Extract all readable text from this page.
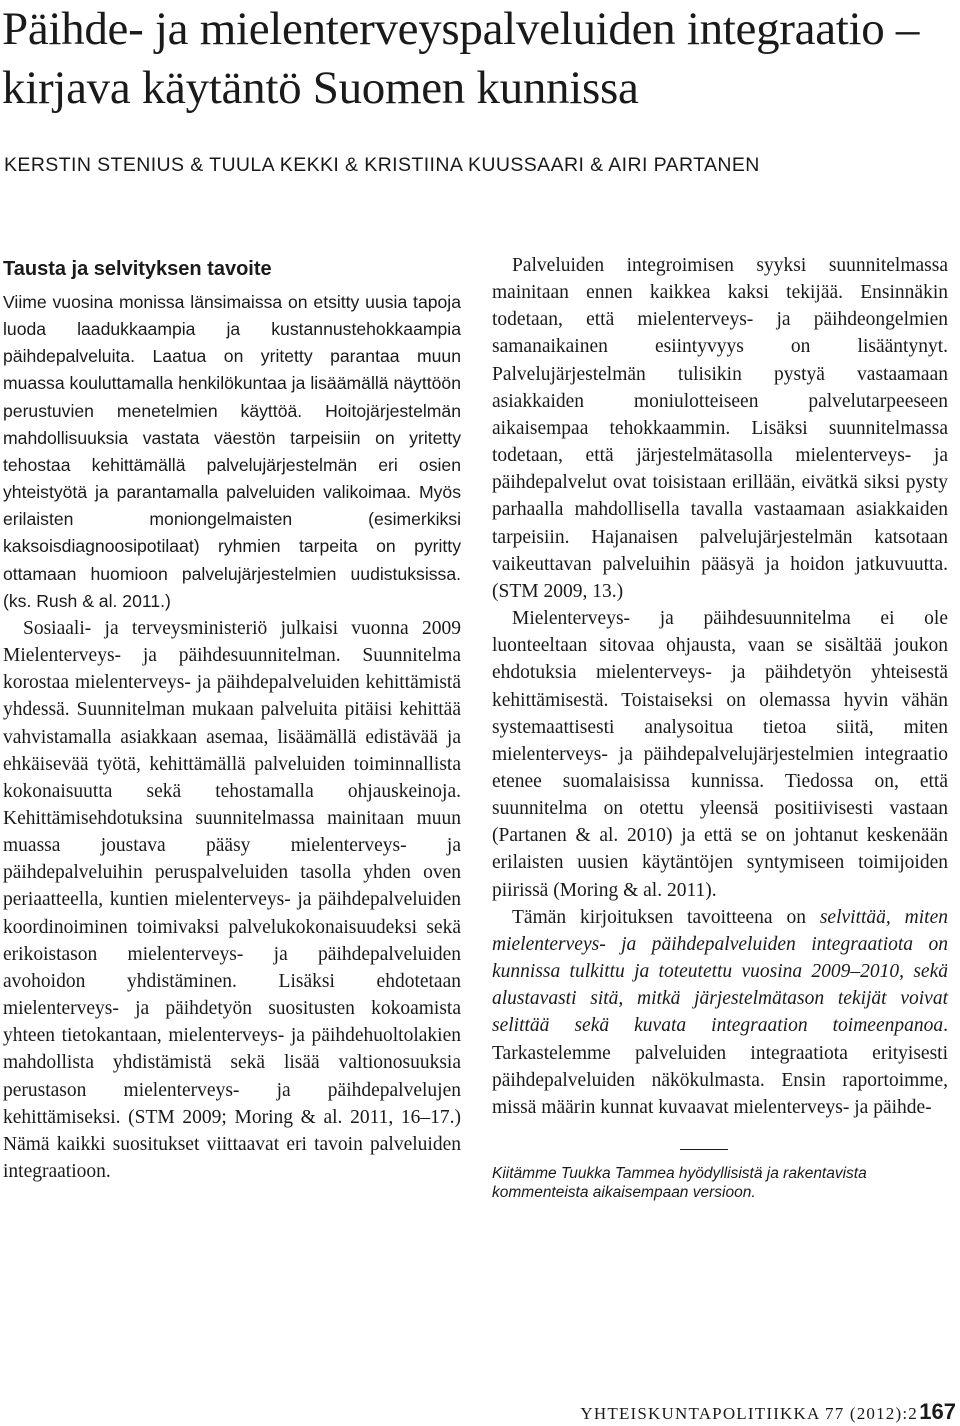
Päihde- ja mielenterveyspalveluiden integraatio – kirjava käytäntö Suomen kunnissa

KERSTIN STENIUS & TUULA KEKKI & KRISTIINA KUUSSAARI & AIRI PARTANEN

Tausta ja selvityksen tavoite

Viime vuosina monissa länsimaissa on etsitty uusia tapoja luoda laadukkaampia ja kustannustehokkaampia päihdepalveluita. Laatua on yritetty parantaa muun muassa kouluttamalla henkilökuntaa ja lisäämällä näyttöön perustuvien menetelmien käyttöä. Hoitojärjestelmän mahdollisuuksia vastata väestön tarpeisiin on yritetty tehostaa kehittämällä palvelujärjestelmän eri osien yhteistyötä ja parantamalla palveluiden valikoimaa. Myös erilaisten moniongelmaisten (esimerkiksi kaksoisdiagnoosipotilaat) ryhmien tarpeita on pyritty ottamaan huomioon palvelujärjestelmien uudistuksissa. (ks. Rush & al. 2011.)

Sosiaali- ja terveysministeriö julkaisi vuonna 2009 Mielenterveys- ja päihdesuunnitelman. Suunnitelma korostaa mielenterveys- ja päihdepalveluiden kehittämistä yhdessä. Suunnitelman mukaan palveluita pitäisi kehittää vahvistamalla asiakkaan asemaa, lisäämällä edistävää ja ehkäisevää työtä, kehittämällä palveluiden toiminnallista kokonaisuutta sekä tehostamalla ohjauskeinoja. Kehittämisehdotuksina suunnitelmassa mainitaan muun muassa joustava pääsy mielenterveys- ja päihdepalveluihin peruspalveluiden tasolla yhden oven periaatteella, kuntien mielenterveys- ja päihdepalveluiden koordinoiminen toimivaksi palvelukokonaisuudeksi sekä erikoistason mielenterveys- ja päihdepalveluiden avohoidon yhdistäminen. Lisäksi ehdotetaan mielenterveys- ja päihdetyön suositusten kokoamista yhteen tietokantaan, mielenterveys- ja päihdehuoltolakien mahdollista yhdistämistä sekä lisää valtionosuuksia perustason mielenterveys- ja päihdepalvelujen kehittämiseksi. (STM 2009; Moring & al. 2011, 16–17.) Nämä kaikki suositukset viittaavat eri tavoin palveluiden integraatioon.

Palveluiden integroimisen syyksi suunnitelmassa mainitaan ennen kaikkea kaksi tekijää. Ensinnäkin todetaan, että mielenterveys- ja päihdeongelmien samanaikainen esiintyvyys on lisääntynyt. Palvelujärjestelmän tulisikin pystyä vastaamaan asiakkaiden moniulotteiseen palvelutarpeeseen aikaisempaa tehokkaammin. Lisäksi suunnitelmassa todetaan, että järjestelmätasolla mielenterveys- ja päihdepalvelut ovat toisistaan erillään, eivätkä siksi pysty parhaalla mahdollisella tavalla vastaamaan asiakkaiden tarpeisiin. Hajanaisen palvelujärjestelmän katsotaan vaikeuttavan palveluihin pääsyä ja hoidon jatkuvuutta. (STM 2009, 13.)

Mielenterveys- ja päihdesuunnitelma ei ole luonteeltaan sitovaa ohjausta, vaan se sisältää joukon ehdotuksia mielenterveys- ja päihdetyön yhteisestä kehittämisestä. Toistaiseksi on olemassa hyvin vähän systemaattisesti analysoitua tietoa siitä, miten mielenterveys- ja päihdepalvelujärjestelmien integraatio etenee suomalaisissa kunnissa. Tiedossa on, että suunnitelma on otettu yleensä positiivisesti vastaan (Partanen & al. 2010) ja että se on johtanut keskenään erilaisten uusien käytäntöjen syntymiseen toimijoiden piirissä (Moring & al. 2011).

Tämän kirjoituksen tavoitteena on selvittää, miten mielenterveys- ja päihdepalveluiden integraatiota on kunnissa tulkittu ja toteutettu vuosina 2009–2010, sekä alustavasti sitä, mitkä järjestelmätason tekijät voivat selittää sekä kuvata integraation toimeenpanoa. Tarkastelemme palveluiden integraatiota erityisesti päihdepalveluiden näkökulmasta. Ensin raportoimme, missä määrin kunnat kuvaavat mielenterveys- ja päihde-

Kiitämme Tuukka Tammea hyödyllisistä ja rakentavista kommenteista aikaisempaan versioon.

YHTEISKUNTAPOLITIIKKA 77 (2012):2 167
